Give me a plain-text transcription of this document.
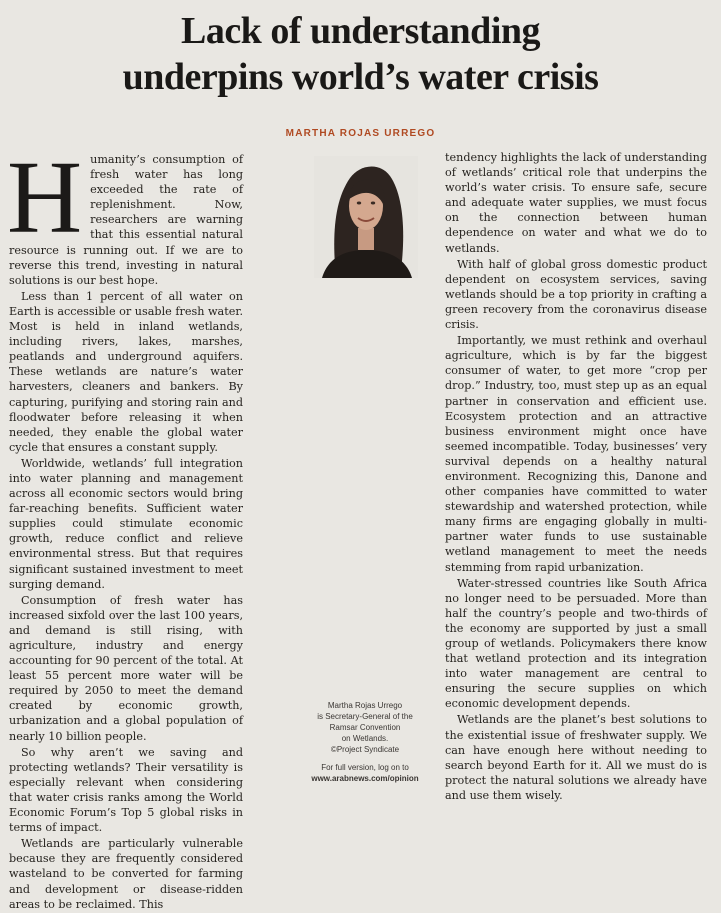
Lack of understanding
underpins world’s water crisis
MARTHA ROJAS URREGO
H umanity’s consumption of fresh water has long exceeded the rate of replenishment. Now, researchers are warning that this essential natural resource is running out. If we are to reverse this trend, investing in natural solutions is our best hope.

Less than 1 percent of all water on Earth is accessible or usable fresh water. Most is held in inland wetlands, including rivers, lakes, marshes, peatlands and underground aquifers. These wetlands are nature’s water harvesters, cleaners and bankers. By capturing, purifying and storing rain and floodwater before releasing it when needed, they enable the global water cycle that ensures a constant supply.

Worldwide, wetlands’ full integration into water planning and management across all economic sectors would bring far-reaching benefits. Sufficient water supplies could stimulate economic growth, reduce conflict and relieve environmental stress. But that requires significant sustained investment to meet surging demand.

Consumption of fresh water has increased sixfold over the last 100 years, and demand is still rising, with agriculture, industry and energy accounting for 90 percent of the total. At least 55 percent more water will be required by 2050 to meet the demand created by economic growth, urbanization and a global population of nearly 10 billion people.

So why aren’t we saving and protecting wetlands? Their versatility is especially relevant when considering that water crisis ranks among the World Economic Forum’s Top 5 global risks in terms of impact.

Wetlands are particularly vulnerable because they are frequently considered wasteland to be converted for farming and development or disease-ridden areas to be reclaimed. This

Martha Rojas Urrego
is Secretary-General of the
Ramsar Convention
on Wetlands.
©Project Syndicate
For full version, log on to
www.arabnews.com/opinion

tendency highlights the lack of understanding of wetlands’ critical role that underpins the world’s water crisis. To ensure safe, secure and adequate water supplies, we must focus on the connection between human dependence on water and what we do to wetlands.

With half of global gross domestic product dependent on ecosystem services, saving wetlands should be a top priority in crafting a green recovery from the coronavirus disease crisis.

Importantly, we must rethink and overhaul agriculture, which is by far the biggest consumer of water, to get more “crop per drop.” Industry, too, must step up as an equal partner in conservation and efficient use. Ecosystem protection and an attractive business environment might once have seemed incompatible. Today, businesses’ very survival depends on a healthy natural environment. Recognizing this, Danone and other companies have committed to water stewardship and watershed protection, while many firms are engaging globally in multi-partner water funds to use sustainable wetland management to meet the needs stemming from rapid urbanization.

Water-stressed countries like South Africa no longer need to be persuaded. More than half the country’s people and two-thirds of the economy are supported by just a small group of wetlands. Policymakers there know that wetland protection and its integration into water management are central to ensuring the secure supplies on which economic development depends.

Wetlands are the planet’s best solutions to the existential issue of freshwater supply. We can have enough here without needing to search beyond Earth for it. All we must do is protect the natural solutions we already have and use them wisely.
